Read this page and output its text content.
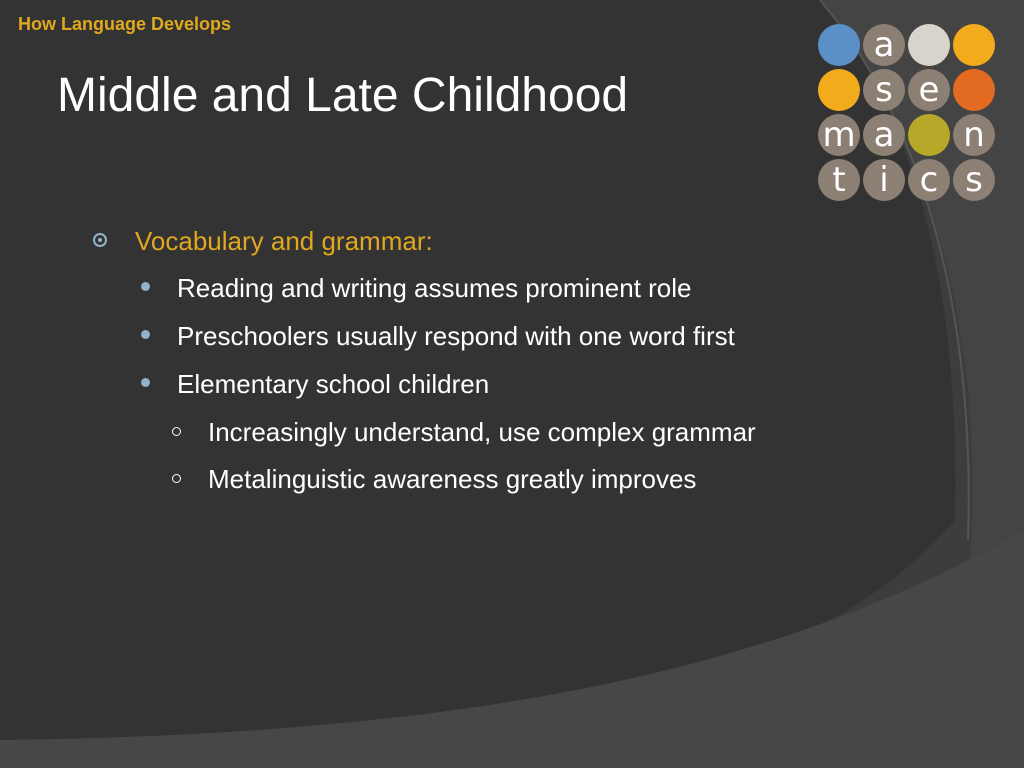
How Language Develops
Middle and Late Childhood
a
s e
m a	n
t i c s
Vocabulary and grammar:
Reading and writing assumes prominent role
Preschoolers usually respond with one word first
Elementary school children
Increasingly understand, use complex grammar
Metalinguistic awareness greatly improves
